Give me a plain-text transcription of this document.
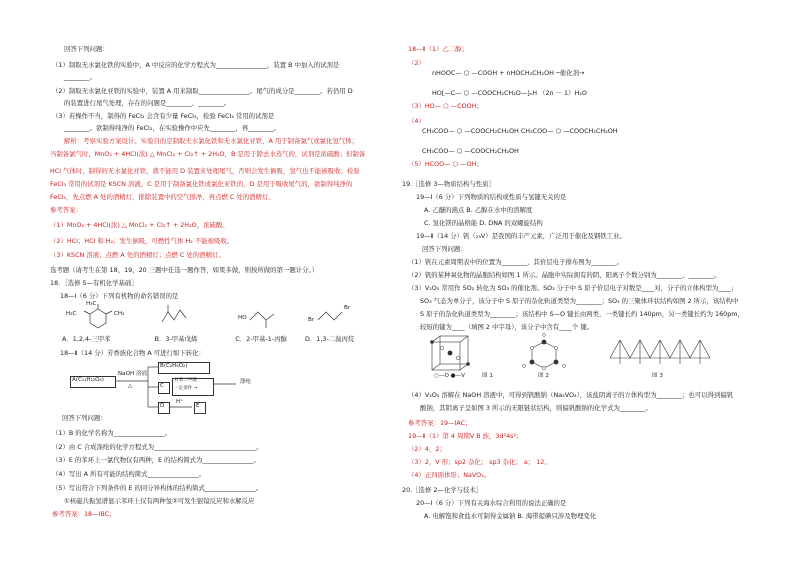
回答下列问题：
（1）制取无水氯化铁的实验中，A 中反应的化学方程式为________________，装置 B 中加入的试剂是
________。
（2）制取无水氯化亚铁的实验中，装置 A 用来制取________________。尾气的成分是________。若仍用 D
的装置进行尾气处理，存在的问题是________、________。
（3）若操作不当，制得的 FeCl₂ 会含有少量 FeCl₃，检验 FeCl₃ 常用的试剂是
________。欲制得纯净的 FeCl₂，在实验操作中应先________，再________。
解析：考察实验方案设计。实验目的是制取无水氯化铁和无水氯化亚铁，A 用于制备氯气或氯化氢气体；
当制备氯气时，MnO₂ + 4HCl(浓) △ MnCl₂ + Cl₂↑ + 2H₂O，B 是用于除去水蒸气的，试剂是浓硫酸；但制备
HCl 气体时，制得的无水氯化亚铁，就不能用 D 装置来处理尾气，否则会发生倒吸，氢气也不能被吸收；检验
FeCl₃ 常用的试剂是 KSCN 溶液，C 是用于制备氯化铁或氯化亚铁的，D 是用于吸收尾气的，欲制得纯净的
FeCl₂，先点燃 A 处的酒精灯，排除装置中的空气排净，再点燃 C 处的酒精灯。
参考答案：
（1）MnO₂ + 4HCl(浓) △ MnCl₂ + Cl₂↑ + 2H₂O，浓硫酸。
（2）HCl；HCl 和 H₂；发生倒吸，可燃性气体 H₂ 不能被吸收。
（3）KSCN 溶液；点燃 A 处的酒精灯；点燃 C 处的酒精灯。
选考题（请考生在第 18、19、20 三题中任选一题作答，如果多做，则按所做的第一题计分。）
18．［选修 5—有机化学基础］
18—Ⅰ（6 分）下列有机物的命名错误的是
H₃C
H₃C	CH₃
HO	Br
Br
A．1,2,4-三甲苯	B．3-甲基戊烯	C．2-甲基-1-丙醇	D．1,3-二溴丙烷
18—Ⅱ（14 分）芳香族化合物 A 可进行如下转化：
A(C₁₁H₁₂O₄)
NaOH 溶液
△
B(C₂H₆O₂)
C
对苯二甲酸
一定条件 →
涤纶
D
H⁺
E
回答下列问题：
（1）B 的化学名称为________________。
（2）由 C 合成涤纶的化学方程式为________________________________。
（3）E 的苯环上一氯代物仅有两种，E 的结构简式为________________。
（4）写出 A 所有可能的结构简式________________。
（5）写出符合下列条件的 E 的同分异构体的结构简式________________。
①核磁共振氢谱显示苯环上仅有两种氢②可发生银镜反应和水解反应
参考答案：18—ⅠBC；
18—Ⅱ（1）乙二醇；
（2）
nHOOC— ⬡ —COOH + nHOCH₂CH₂OH ─催化剂→
HO[—C— ⬡ —COOCH₂CH₂O—]ₙH （2n － 1）H₂O
（3）HO— ⬡ —COOH；
（4）
CH₃COO— ⬡ —COOCH₂CH₂OH CH₃COO— ⬡ —COOCH₂CH₂OH
CH₃COO— ⬡ —COOCH₂CH₂OH
（5）HCOO— ⬡ —OH；
19.［选修 3—物质结构与性质］
19—Ⅰ（6 分）下列物质的结构或性质与氢键无关的是
A. 乙醚的沸点 B. 乙醇在水中的溶解度
C. 氢化镁的晶格能 D. DNA 的双螺旋结构
19—Ⅱ（14 分）钒（₂₃V）是我国的丰产元素，广泛用于催化及钢铁工业。
回答下列问题：
（1）钒在元素周期表中的位置为________，其价层电子排布图为________。
（2）钒的某种氧化物的晶胞结构如图 1 所示。晶胞中实际拥有的阴、阳离子个数分别为________、________。
（3）V₂O₅ 常用作 SO₂ 转化为 SO₃ 的催化剂。SO₂ 分子中 S 原子价层电子对数是____对，分子的立体构型为____；
SO₃ 气态为单分子，该分子中 S 原子的杂化轨道类型为________；SO₃ 的三聚体环状结构如图 2 所示，该结构中
S 原子的杂化轨道类型为________；该结构中 S—O 键长由两类，一类键长约 140pm，另一类键长约为 160pm，
较短的键为____（填图 2 中字母），该分子中含有____个 键。
○—O ●—V	图 1	图 2	图 3
（4）V₂O₅ 溶解在 NaOH 溶液中，可得到钒酸钠（Na₃VO₄），该盐阴离子的立体构型为________；也可以得到偏钒
酸钠，其阴离子呈如图 3 所示的无限链状结构，则偏钒酸钠的化学式为________。
参考答案：19—ⅠAC；
19—Ⅱ（1）第 4 周期Ⅴ B 族，3d³4s²；
（2）4，2；
（3）2，V 形；sp2 杂化； sp3 杂化； a； 12。
（4）正四面体形；NaVO₃。
20.［选修 2—化学与技术］
20—Ⅰ（6 分）下列有关海水综合利用的说法正确的是
A. 电解饱和食盐水可制得金属钠 B. 海带提碘只涉及物理变化
